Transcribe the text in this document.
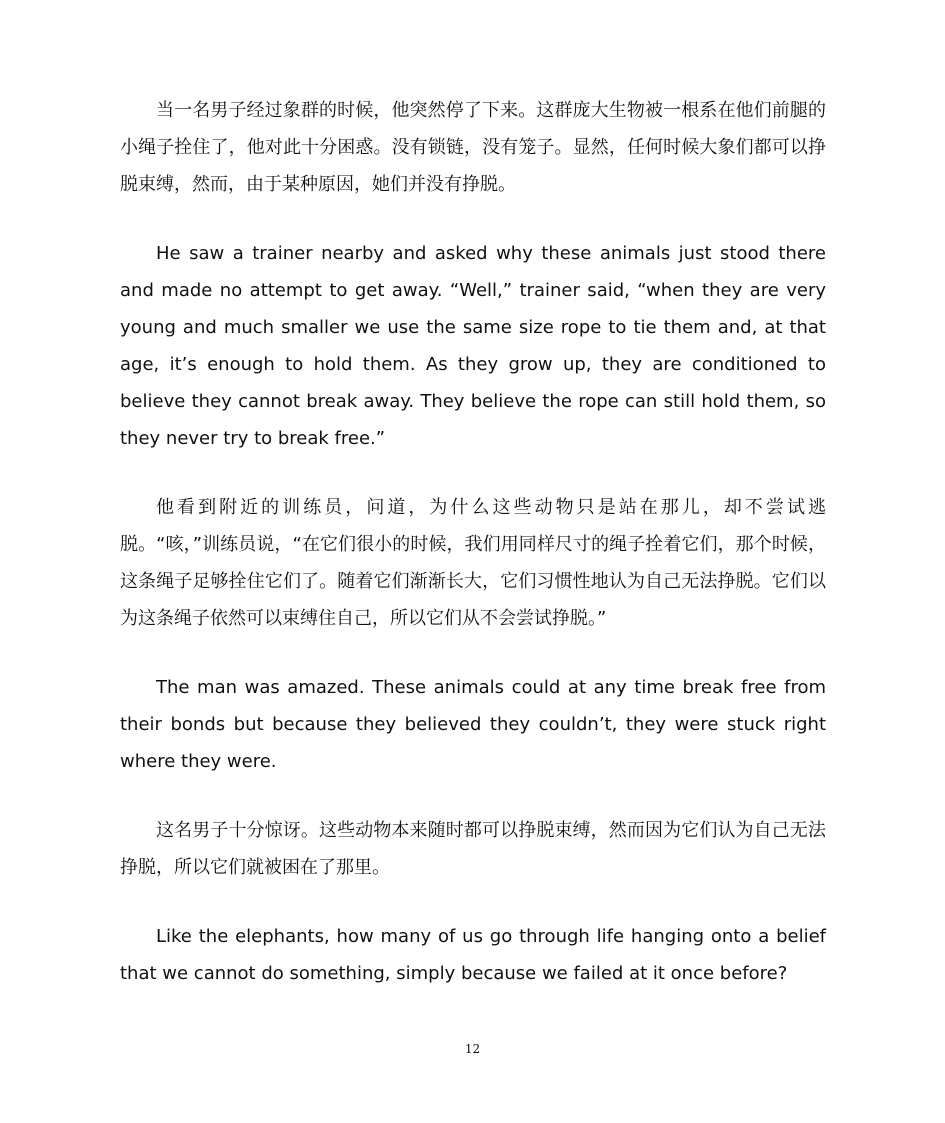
当一名男子经过象群的时候，他突然停了下来。这群庞大生物被一根系在他们前腿的小绳子拴住了，他对此十分困惑。没有锁链，没有笼子。显然，任何时候大象们都可以挣脱束缚，然而，由于某种原因，她们并没有挣脱。

He saw a trainer nearby and asked why these animals just stood there and made no attempt to get away. “Well,” trainer said, “when they are very young and much smaller we use the same size rope to tie them and, at that age, it’s enough to hold them. As they grow up, they are conditioned to believe they cannot break away. They believe the rope can still hold them, so they never try to break free.”

他看到附近的训练员，问道，为什么这些动物只是站在那儿，却不尝试逃脱。“咳，”训练员说，“在它们很小的时候，我们用同样尺寸的绳子拴着它们，那个时候，这条绳子足够拴住它们了。随着它们渐渐长大，它们习惯性地认为自己无法挣脱。它们以为这条绳子依然可以束缚住自己，所以它们从不会尝试挣脱。”

The man was amazed. These animals could at any time break free from their bonds but because they believed they couldn’t, they were stuck right where they were.

这名男子十分惊讶。这些动物本来随时都可以挣脱束缚，然而因为它们认为自己无法挣脱，所以它们就被困在了那里。

Like the elephants, how many of us go through life hanging onto a belief that we cannot do something, simply because we failed at it once before?

12
